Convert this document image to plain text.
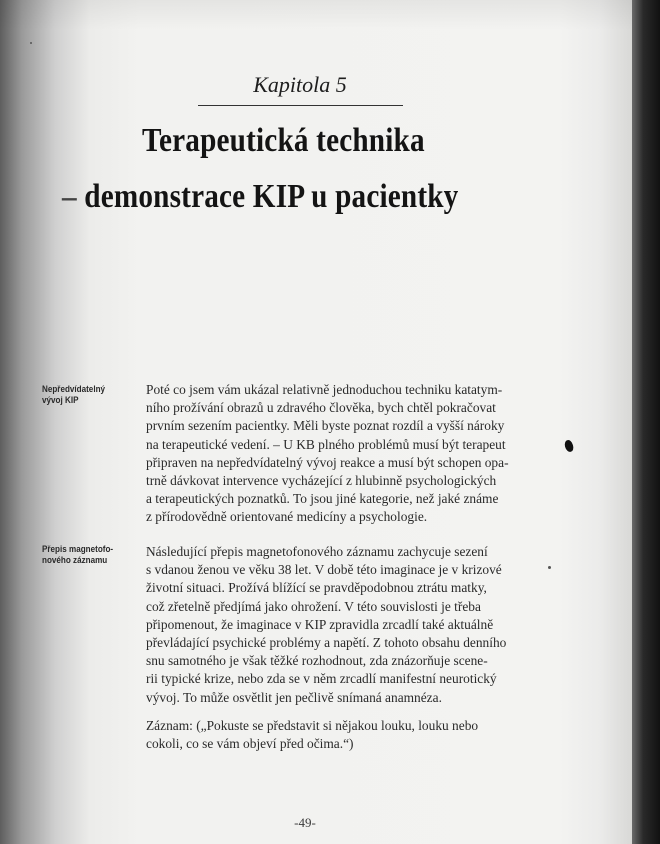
Kapitola 5
Terapeutická technika
– demonstrace KIP u pacientky
Nepředvídatelný
vývoj KIP
Poté co jsem vám ukázal relativně jednoduchou techniku katatym-
ního prožívání obrazů u zdravého člověka, bych chtěl pokračovat
prvním sezením pacientky. Měli byste poznat rozdíl a vyšší nároky
na terapeutické vedení. – U KB plného problémů musí být terapeut
připraven na nepředvídatelný vývoj reakce a musí být schopen opa-
trně dávkovat intervence vycházející z hlubinně psychologických
a terapeutických poznatků. To jsou jiné kategorie, než jaké známe
z přírodovědně orientované medicíny a psychologie.
Přepis magnetofo-
nového záznamu
Následující přepis magnetofonového záznamu zachycuje sezení
s vdanou ženou ve věku 38 let. V době této imaginace je v krizové
životní situaci. Prožívá blížící se pravděpodobnou ztrátu matky,
což zřetelně předjímá jako ohrožení. V této souvislosti je třeba
připomenout, že imaginace v KIP zpravidla zrcadlí také aktuálně
převládající psychické problémy a napětí. Z tohoto obsahu denního
snu samotného je však těžké rozhodnout, zda znázorňuje scene-
rii typické krize, nebo zda se v něm zrcadlí manifestní neurotický
vývoj. To může osvětlit jen pečlivě snímaná anamnéza.
Záznam: („Pokuste se představit si nějakou louku, louku nebo
cokoli, co se vám objeví před očima.“)
-49-
